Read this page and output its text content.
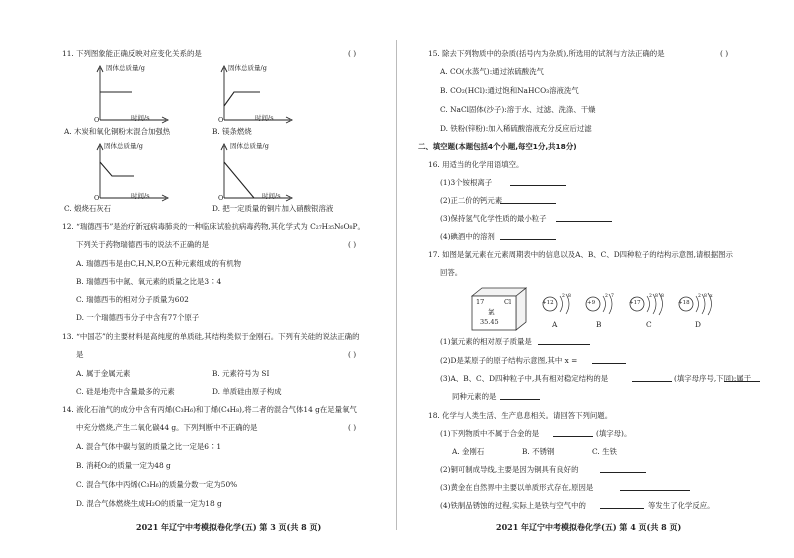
11. 下列图象能正确反映对应变化关系的是	( )
固体总质量/g
时间/s
O
A. 木炭和氧化铜粉末混合加强热
固体总质量/g
时间/s
O
B. 镁条燃烧
固体总质量/g
时间/s
O
C. 煅烧石灰石
固体总质量/g
时间/s
O
D. 把一定质量的铜片加入硝酸银溶液
12. “瑞德西韦”是治疗新冠病毒肺炎的一种临床试验抗病毒药物,其化学式为 C₂₇H₃₅N₆O₈P。
下列关于药物瑞德西韦的说法不正确的是	( )
A. 瑞德西韦是由C,H,N,P,O五种元素组成的有机物
B. 瑞德西韦中氮、氧元素的质量之比是3∶4
C. 瑞德西韦的相对分子质量为602
D. 一个瑞德西韦分子中含有77个原子
13. “中国芯”的主要材料是高纯度的单质硅,其结构类似于金刚石。下列有关硅的说法正确的
是	( )
A. 属于金属元素	B. 元素符号为 SI
C. 硅是地壳中含量最多的元素	D. 单质硅由原子构成
14. 液化石油气的成分中含有丙烯(C₃H₆)和丁烯(C₄H₈),将二者的混合气体14 g在足量氧气
中充分燃烧,产生二氧化碳44 g。下列判断中不正确的是	( )
A. 混合气体中碳与氢的质量之比一定是6∶1
B. 消耗O₂的质量一定为48 g
C. 混合气体中丙烯(C₃H₆)的质量分数一定为50%
D. 混合气体燃烧生成H₂O的质量一定为18 g
2021 年辽宁中考模拟卷化学(五) 第 3 页(共 8 页)
15. 除去下列物质中的杂质(括号内为杂质),所选用的试剂与方法正确的是	( )
A. CO(水蒸气):通过浓硫酸洗气
B. CO₂(HCl):通过饱和NaHCO₃溶液洗气
C. NaCl固体(沙子):溶于水、过滤、洗涤、干燥
D. 铁粉(锌粉):加入稀硫酸溶液充分反应后过滤
二、填空题(本题包括4个小题,每空1分,共18分)
16. 用适当的化学用语填空。
(1)3个铵根离子
(2)正二价的钙元素
(3)保持氢气化学性质的最小粒子
(4)碘酒中的溶剂
17. 如图是氯元素在元素周期表中的信息以及A、B、C、D四种粒子的结构示意图,请根据图示
回答。
17	Cl
氯
35.45
2 8
+12
A
2 7
+9
B
2 8 8
+17
C
2 8 x
+18
D
(1)氯元素的相对原子质量是
(2)D是某原子的原子结构示意图,其中 x =
(3)A、B、C、D四种粒子中,具有相对稳定结构的是	(填字母序号,下同);属于
同种元素的是
18. 化学与人类生活、生产息息相关。请回答下列问题。
(1)下列物质中不属于合金的是	(填字母)。
A. 金刚石	B. 不锈钢	C. 生铁
(2)铜可制成导线,主要是因为铜具有良好的
(3)黄金在自然界中主要以单质形式存在,原因是
(4)铁制品锈蚀的过程,实际上是铁与空气中的	等发生了化学反应。
2021 年辽宁中考模拟卷化学(五) 第 4 页(共 8 页)
